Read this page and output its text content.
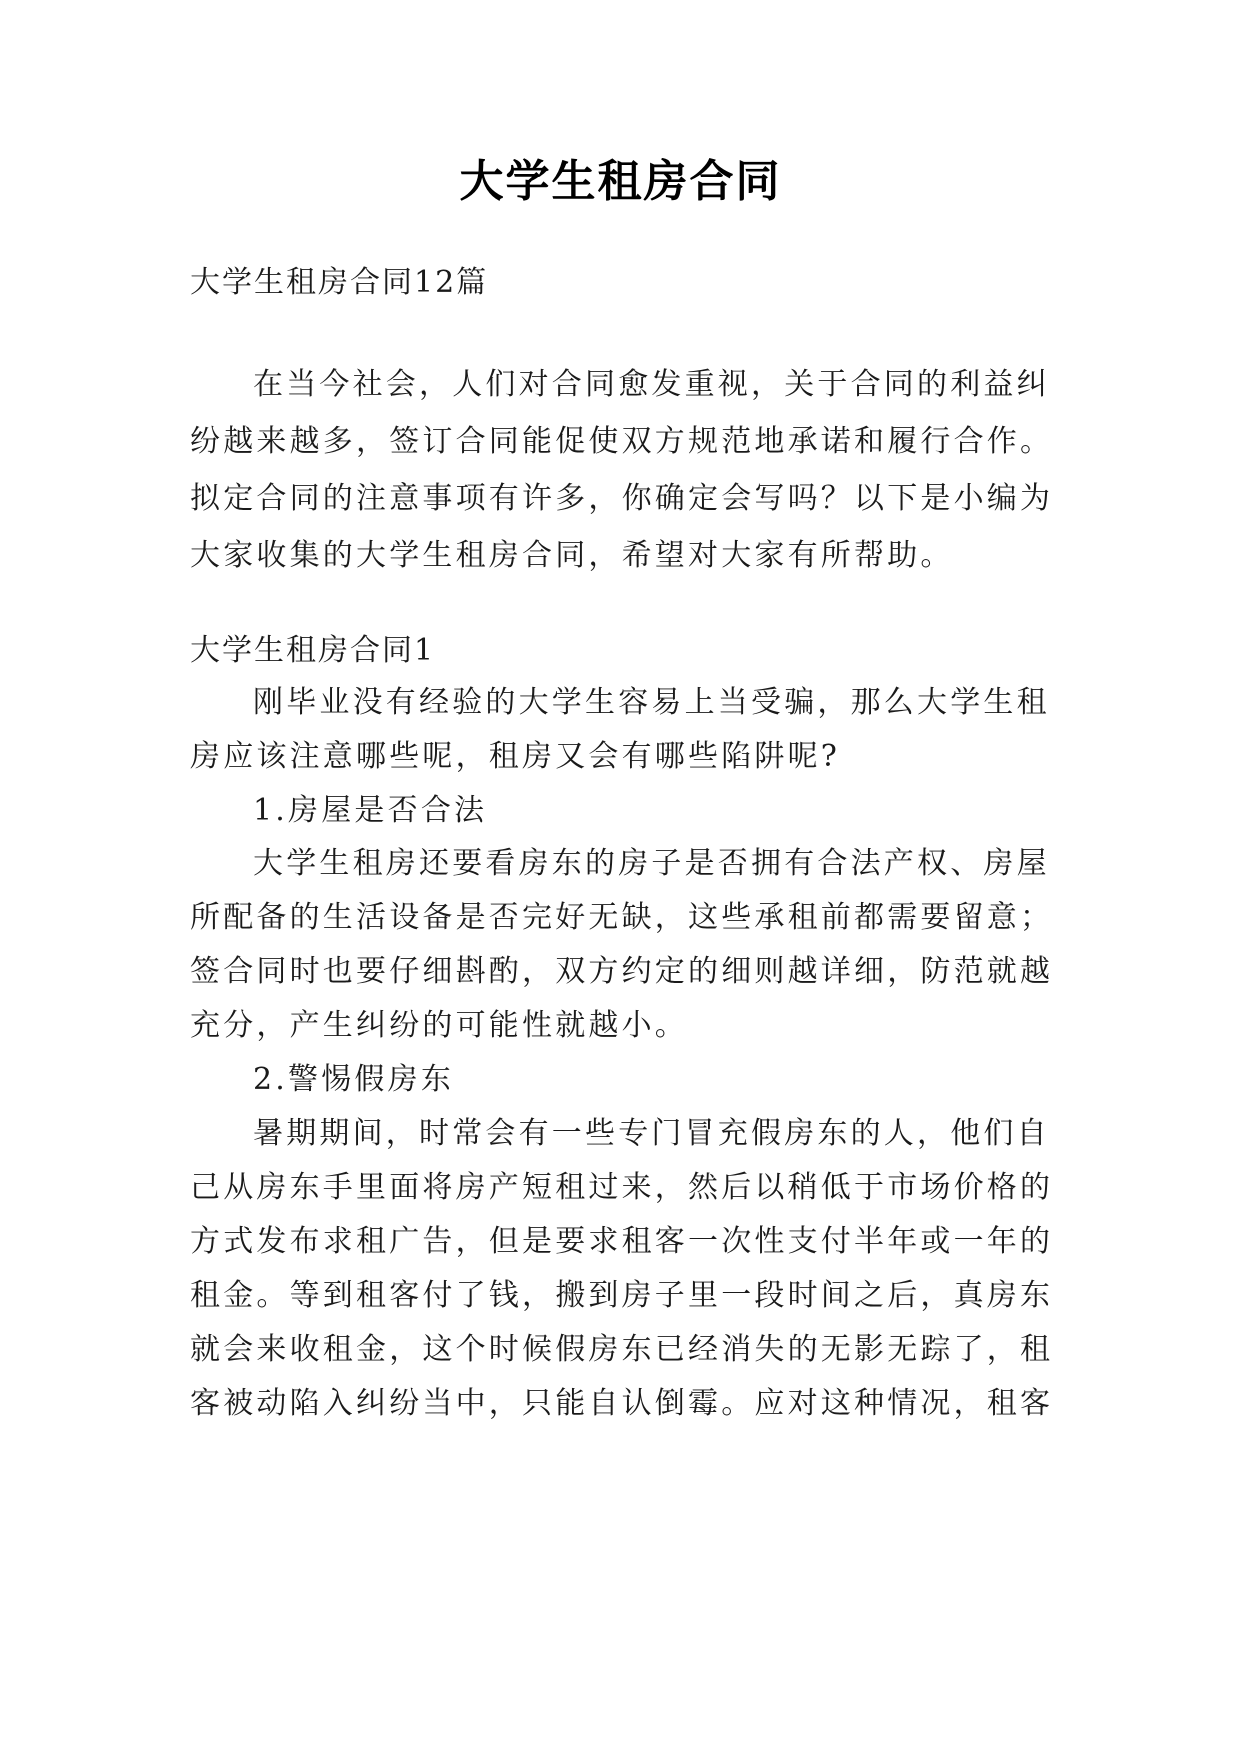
大学生租房合同

大学生租房合同12篇

在当今社会，人们对合同愈发重视，关于合同的利益纠

纷越来越多，签订合同能促使双方规范地承诺和履行合作。

拟定合同的注意事项有许多，你确定会写吗？以下是小编为

大家收集的大学生租房合同，希望对大家有所帮助。

大学生租房合同1

刚毕业没有经验的大学生容易上当受骗，那么大学生租

房应该注意哪些呢，租房又会有哪些陷阱呢?

1.房屋是否合法

大学生租房还要看房东的房子是否拥有合法产权、房屋

所配备的生活设备是否完好无缺，这些承租前都需要留意；

签合同时也要仔细斟酌，双方约定的细则越详细，防范就越

充分，产生纠纷的可能性就越小。

2.警惕假房东

暑期期间，时常会有一些专门冒充假房东的人，他们自

己从房东手里面将房产短租过来，然后以稍低于市场价格的

方式发布求租广告，但是要求租客一次性支付半年或一年的

租金。等到租客付了钱，搬到房子里一段时间之后，真房东

就会来收租金，这个时候假房东已经消失的无影无踪了，租

客被动陷入纠纷当中，只能自认倒霉。应对这种情况，租客
